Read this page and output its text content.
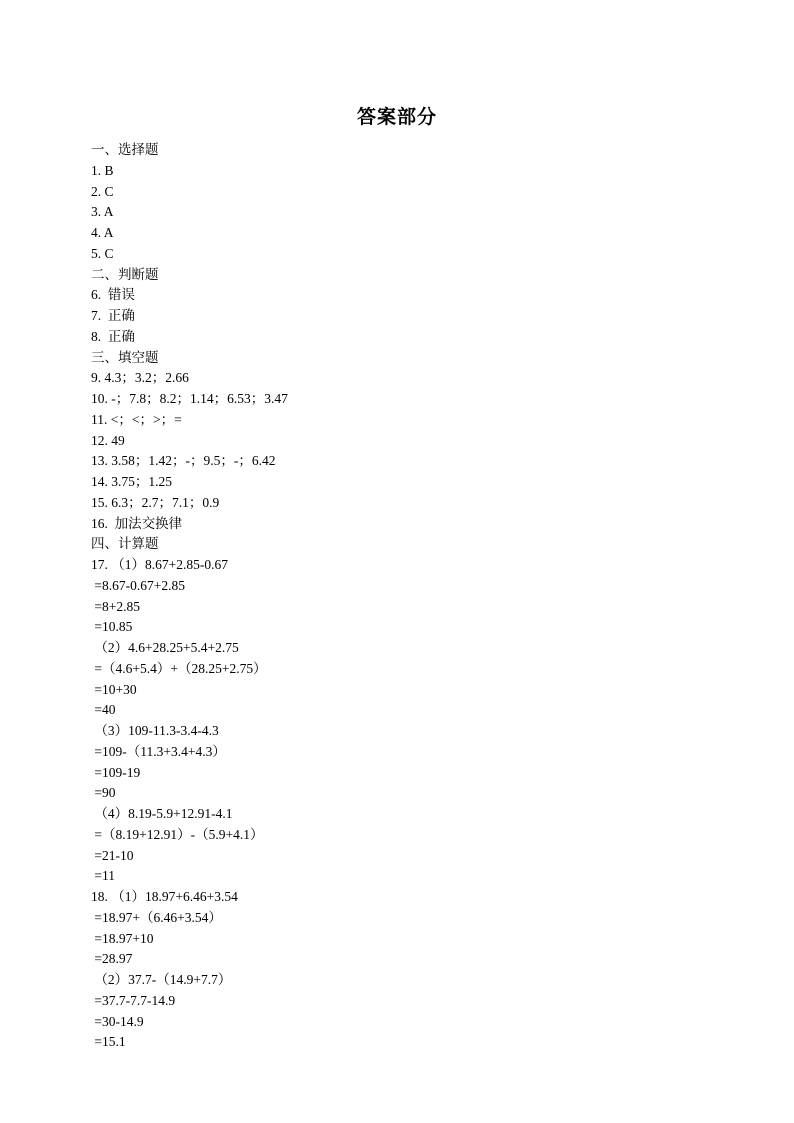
答案部分
一、选择题
1. B
2. C
3. A
4. A
5. C
二、判断题
6.  错误
7.  正确
8.  正确
三、填空题
9. 4.3；3.2；2.66
10. -；7.8；8.2；1.14；6.53；3.47
11. <；<；>；=
12. 49
13. 3.58；1.42；-；9.5；-；6.42
14. 3.75；1.25
15. 6.3；2.7；7.1；0.9
16.  加法交换律
四、计算题
17. （1）8.67+2.85-0.67
=8.67-0.67+2.85
=8+2.85
=10.85
（2）4.6+28.25+5.4+2.75
=（4.6+5.4）+（28.25+2.75）
=10+30
=40
（3）109-11.3-3.4-4.3
=109-（11.3+3.4+4.3）
=109-19
=90
（4）8.19-5.9+12.91-4.1
=（8.19+12.91）-（5.9+4.1）
=21-10
=11
18. （1）18.97+6.46+3.54
=18.97+（6.46+3.54）
=18.97+10
=28.97
（2）37.7-（14.9+7.7）
=37.7-7.7-14.9
=30-14.9
=15.1
